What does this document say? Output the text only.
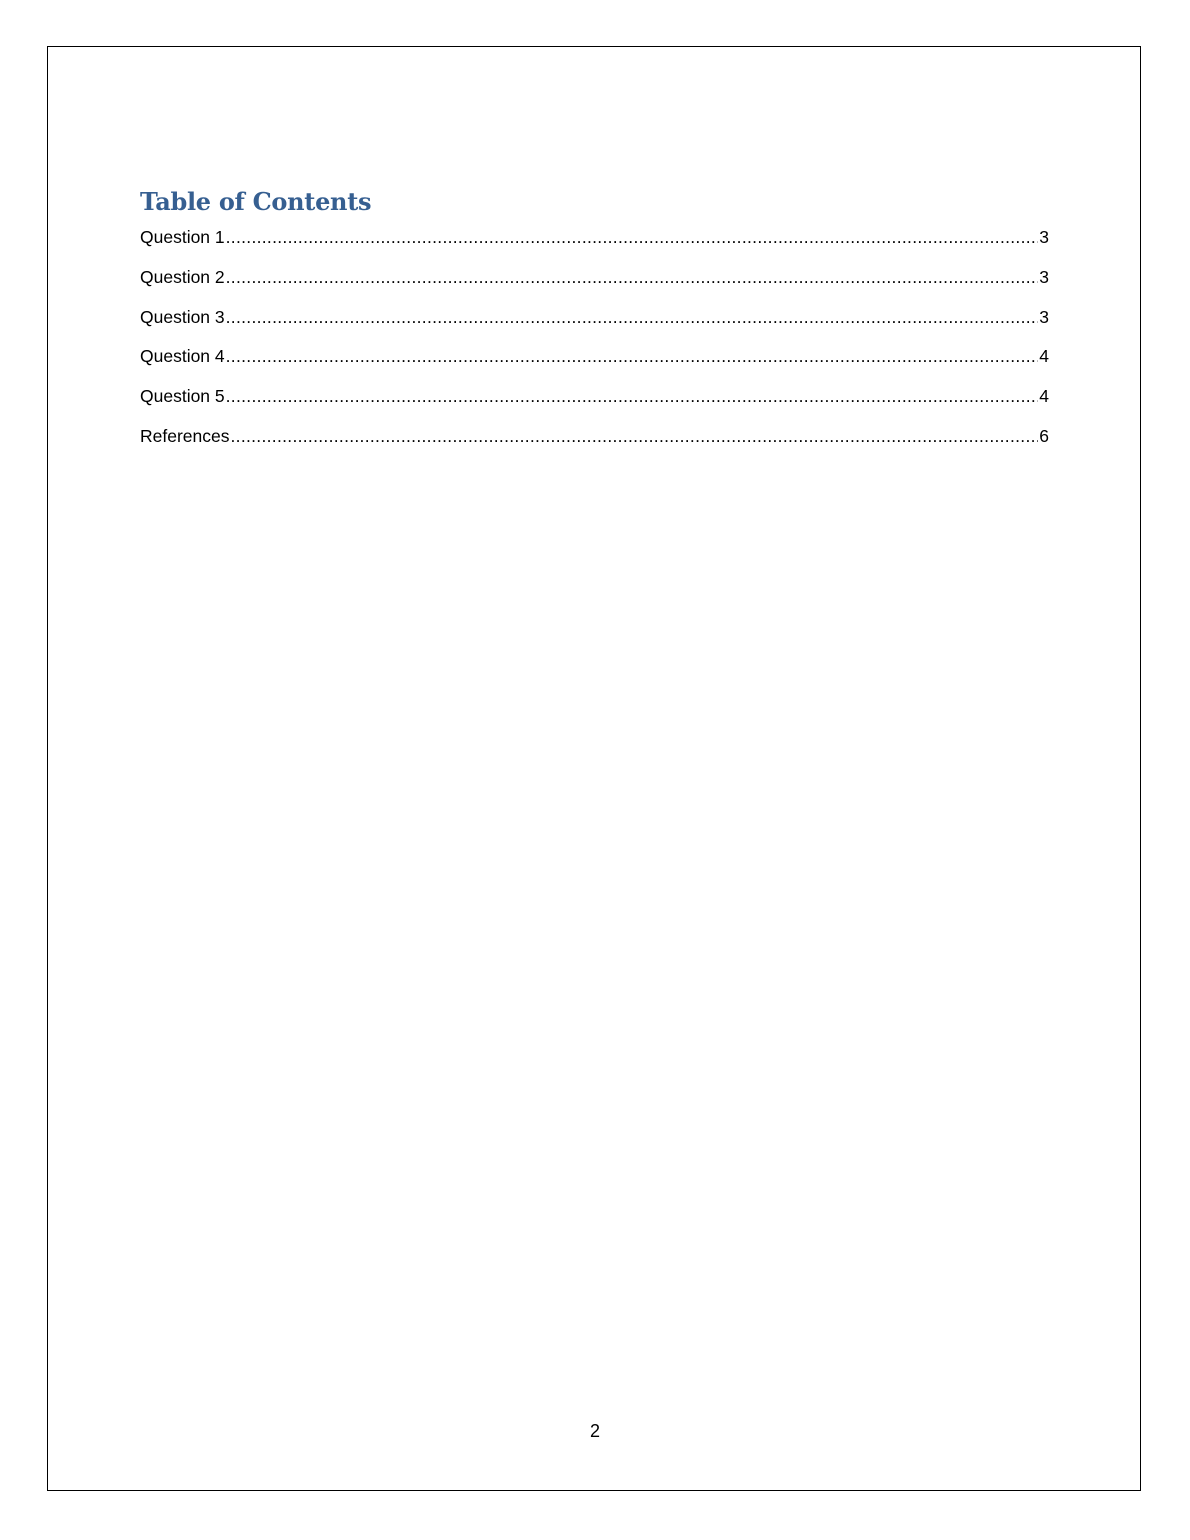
Table of Contents
Question 1 .....	3
Question 2 .....	3
Question 3 .....	3
Question 4 .....	4
Question 5 .....	4
References .....	6
2
